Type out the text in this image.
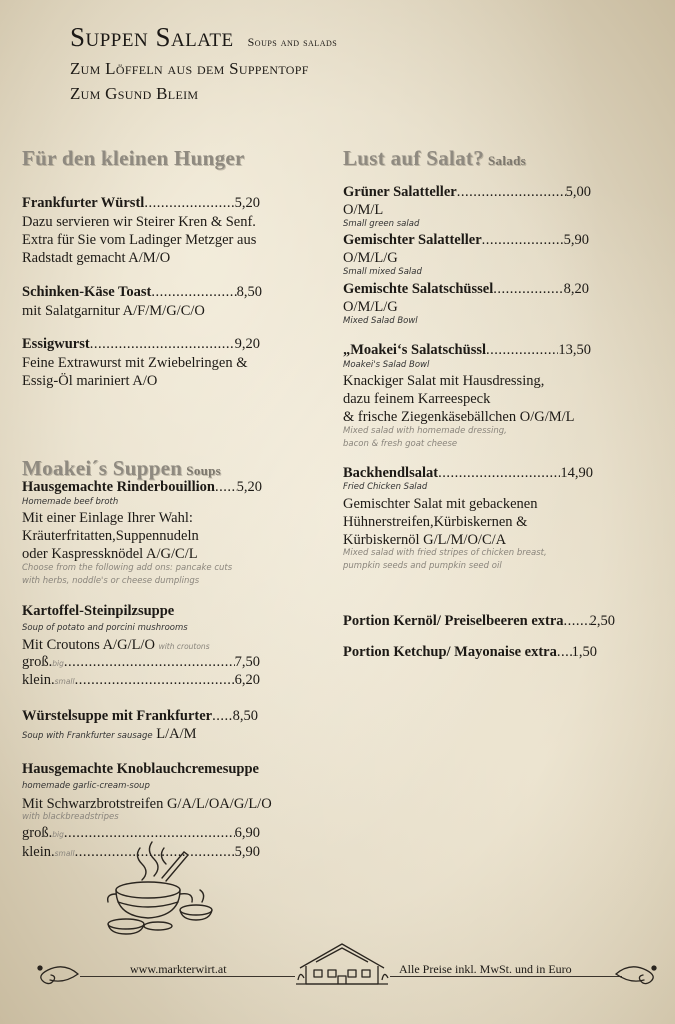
Suppen Salate Soups and salads
Zum Löffeln aus dem Suppentopf
Zum Gsund Bleim
Für den kleinen Hunger
Frankfurter Würstl .....	5,20
Dazu servieren wir Steirer Kren & Senf.
Extra für Sie vom Ladinger Metzger aus
Radstadt gemacht A/M/O
Schinken-Käse Toast .....	8,50
mit Salatgarnitur A/F/M/G/C/O
Essigwurst .....	9,20
Feine Extrawurst mit Zwiebelringen &
Essig-Öl mariniert A/O
Moakei´s Suppen Soups
Hausgemachte Rinderbouillion ..... 5,20
Homemade beef broth
Mit einer Einlage Ihrer Wahl:
Kräuterfritatten,Suppennudeln
oder Kaspressknödel A/G/C/L
Choose from the following add ons: pancake cuts
with herbs, noddle's or cheese dumplings
Kartoffel-Steinpilzsuppe
Soup of potato and porcini mushrooms
Mit Croutons A/G/L/O with croutons
groß. big .....	7,50
klein. small .....	6,20
Würstelsuppe mit Frankfurter ..... 8,50
Soup with Frankfurter sausage L/A/M
Hausgemachte Knoblauchcremesuppe
homemade garlic-cream-soup
Mit Schwarzbrotstreifen G/A/L/OA/G/L/O
with blackbreadstripes
groß. big .....	6,90
klein. small .....	5,90
Lust auf Salat? Salads
Grüner Salatteller .....	5,00
O/M/L
Small green salad
Gemischter Salatteller .....	5,90
O/M/L/G
Small mixed Salad
Gemischte Salatschüssel .....	8,20
O/M/L/G
Mixed Salad Bowl
„Moakei‘s Salatschüssl .....	13,50
Moakei's Salad Bowl
Knackiger Salat mit Hausdressing,
dazu feinem Karreespeck
& frische Ziegenkäsebällchen O/G/M/L
Mixed salad with homemade dressing,
bacon & fresh goat cheese
Backhendlsalat .....	14,90
Fried Chicken Salad
Gemischter Salat mit gebackenen
Hühnerstreifen,Kürbiskernen &
Kürbiskernöl G/L/M/O/C/A
Mixed salad with fried stripes of chicken breast,
pumpkin seeds and pumpkin seed oil
Portion Kernöl/ Preiselbeeren extra ..... 2,50
Portion Ketchup/ Mayonaise extra ..... 1,50
www.markterwirt.at	Alle Preise inkl. MwSt. und in Euro
